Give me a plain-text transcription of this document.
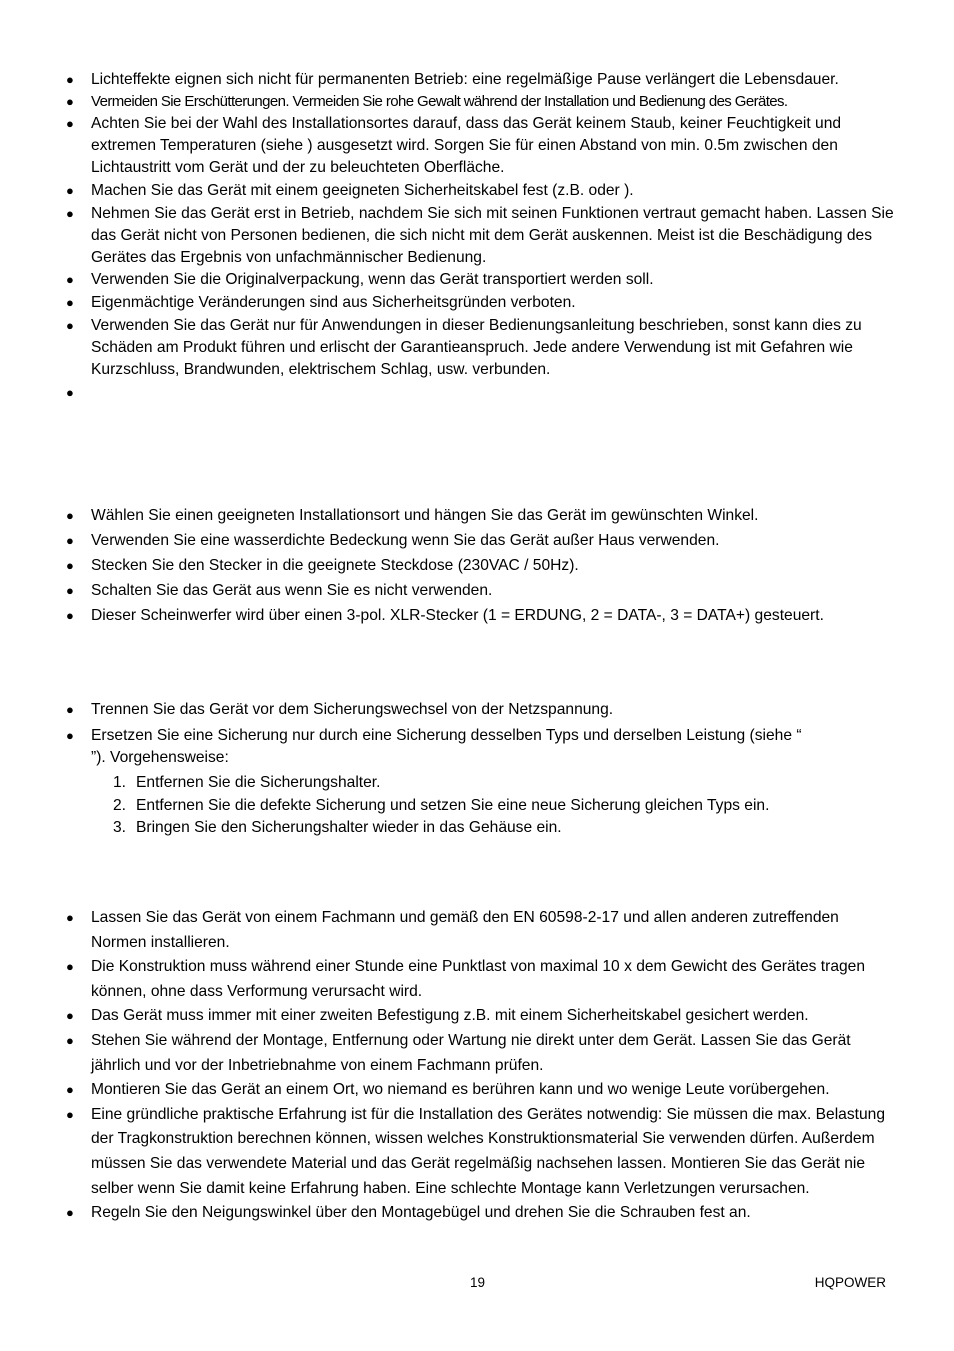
● Lichteffekte eignen sich nicht für permanenten Betrieb: eine regelmäßige Pause verlängert die Lebensdauer.
● Vermeiden Sie Erschütterungen. Vermeiden Sie rohe Gewalt während der Installation und Bedienung des Gerätes.
● Achten Sie bei der Wahl des Installationsortes darauf, dass das Gerät keinem Staub, keiner Feuchtigkeit und extremen Temperaturen (siehe ) ausgesetzt wird. Sorgen Sie für einen Abstand von min. 0.5m zwischen den Lichtaustritt vom Gerät und der zu beleuchteten Oberfläche.
● Machen Sie das Gerät mit einem geeigneten Sicherheitskabel fest (z.B. oder ).
● Nehmen Sie das Gerät erst in Betrieb, nachdem Sie sich mit seinen Funktionen vertraut gemacht haben. Lassen Sie das Gerät nicht von Personen bedienen, die sich nicht mit dem Gerät auskennen. Meist ist die Beschädigung des Gerätes das Ergebnis von unfachmännischer Bedienung.
● Verwenden Sie die Originalverpackung, wenn das Gerät transportiert werden soll.
● Eigenmächtige Veränderungen sind aus Sicherheitsgründen verboten.
● Verwenden Sie das Gerät nur für Anwendungen in dieser Bedienungsanleitung beschrieben, sonst kann dies zu Schäden am Produkt führen und erlischt der Garantieanspruch. Jede andere Verwendung ist mit Gefahren wie Kurzschluss, Brandwunden, elektrischem Schlag, usw. verbunden.
●
● Wählen Sie einen geeigneten Installationsort und hängen Sie das Gerät im gewünschten Winkel.
● Verwenden Sie eine wasserdichte Bedeckung wenn Sie das Gerät außer Haus verwenden.
● Stecken Sie den Stecker in die geeignete Steckdose (230VAC / 50Hz).
● Schalten Sie das Gerät aus wenn Sie es nicht verwenden.
● Dieser Scheinwerfer wird über einen 3-pol. XLR-Stecker (1 = ERDUNG, 2 = DATA-, 3 = DATA+) gesteuert.
● Trennen Sie das Gerät vor dem Sicherungswechsel von der Netzspannung.
● Ersetzen Sie eine Sicherung nur durch eine Sicherung desselben Typs und derselben Leistung (siehe “ ”). Vorgehensweise:
1. Entfernen Sie die Sicherungshalter.
2. Entfernen Sie die defekte Sicherung und setzen Sie eine neue Sicherung gleichen Typs ein.
3. Bringen Sie den Sicherungshalter wieder in das Gehäuse ein.
● Lassen Sie das Gerät von einem Fachmann und gemäß den EN 60598-2-17 und allen anderen zutreffenden Normen installieren.
● Die Konstruktion muss während einer Stunde eine Punktlast von maximal 10 x dem Gewicht des Gerätes tragen können, ohne dass Verformung verursacht wird.
● Das Gerät muss immer mit einer zweiten Befestigung z.B. mit einem Sicherheitskabel gesichert werden.
● Stehen Sie während der Montage, Entfernung oder Wartung nie direkt unter dem Gerät. Lassen Sie das Gerät jährlich und vor der Inbetriebnahme von einem Fachmann prüfen.
● Montieren Sie das Gerät an einem Ort, wo niemand es berühren kann und wo wenige Leute vorübergehen.
● Eine gründliche praktische Erfahrung ist für die Installation des Gerätes notwendig: Sie müssen die max. Belastung der Tragkonstruktion berechnen können, wissen welches Konstruktionsmaterial Sie verwenden dürfen. Außerdem müssen Sie das verwendete Material und das Gerät regelmäßig nachsehen lassen. Montieren Sie das Gerät nie selber wenn Sie damit keine Erfahrung haben. Eine schlechte Montage kann Verletzungen verursachen.
● Regeln Sie den Neigungswinkel über den Montagebügel und drehen Sie die Schrauben fest an.
19	HQPOWER
